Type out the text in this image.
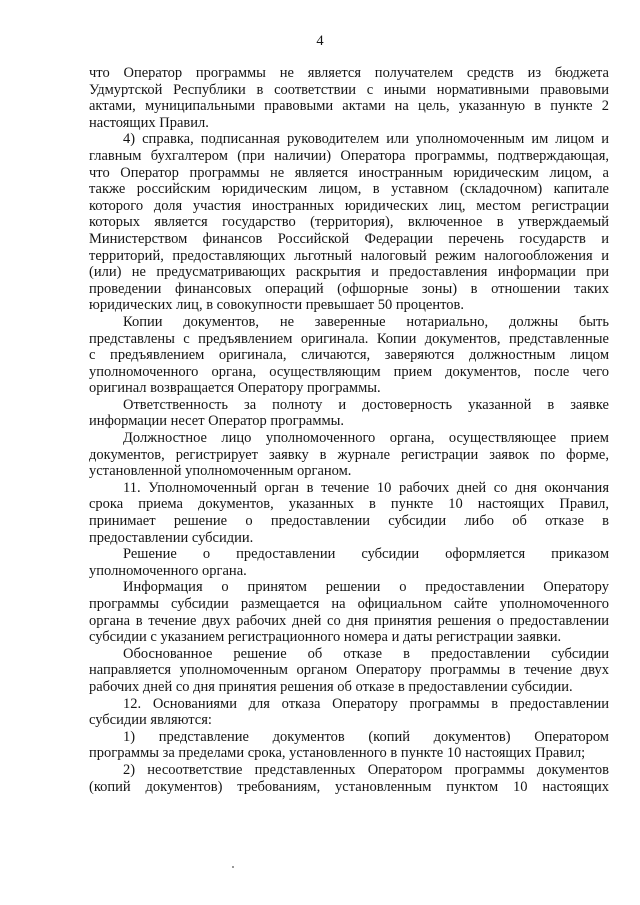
4

что Оператор программы не является получателем средств из бюджета
Удмуртской Республики в соответствии с иными нормативными правовыми
актами, муниципальными правовыми актами на цель, указанную в пункте 2
настоящих Правил.

4) справка, подписанная руководителем или уполномоченным им лицом и
главным бухгалтером (при наличии) Оператора программы, подтверждающая,
что Оператор программы не является иностранным юридическим лицом, а
также российским юридическим лицом, в уставном (складочном) капитале
которого доля участия иностранных юридических лиц, местом регистрации
которых является государство (территория), включенное в утверждаемый
Министерством финансов Российской Федерации перечень государств и
территорий, предоставляющих льготный налоговый режим налогообложения и
(или) не предусматривающих раскрытия и предоставления информации при
проведении финансовых операций (офшорные зоны) в отношении таких
юридических лиц, в совокупности превышает 50 процентов.

Копии документов, не заверенные нотариально, должны быть
представлены с предъявлением оригинала. Копии документов, представленные
с предъявлением оригинала, сличаются, заверяются должностным лицом
уполномоченного органа, осуществляющим прием документов, после чего
оригинал возвращается Оператору программы.

Ответственность за полноту и достоверность указанной в заявке
информации несет Оператор программы.

Должностное лицо уполномоченного органа, осуществляющее прием
документов, регистрирует заявку в журнале регистрации заявок по форме,
установленной уполномоченным органом.

11. Уполномоченный орган в течение 10 рабочих дней со дня окончания
срока приема документов, указанных в пункте 10 настоящих Правил,
принимает решение о предоставлении субсидии либо об отказе в
предоставлении субсидии.

Решение о предоставлении субсидии оформляется приказом
уполномоченного органа.

Информация о принятом решении о предоставлении Оператору
программы субсидии размещается на официальном сайте уполномоченного
органа в течение двух рабочих дней со дня принятия решения о предоставлении
субсидии с указанием регистрационного номера и даты регистрации заявки.

Обоснованное решение об отказе в предоставлении субсидии
направляется уполномоченным органом Оператору программы в течение двух
рабочих дней со дня принятия решения об отказе в предоставлении субсидии.

12. Основаниями для отказа Оператору программы в предоставлении
субсидии являются:

1) представление документов (копий документов) Оператором
программы за пределами срока, установленного в пункте 10 настоящих Правил;

2) несоответствие представленных Оператором программы документов
(копий документов) требованиям, установленным пунктом 10 настоящих
